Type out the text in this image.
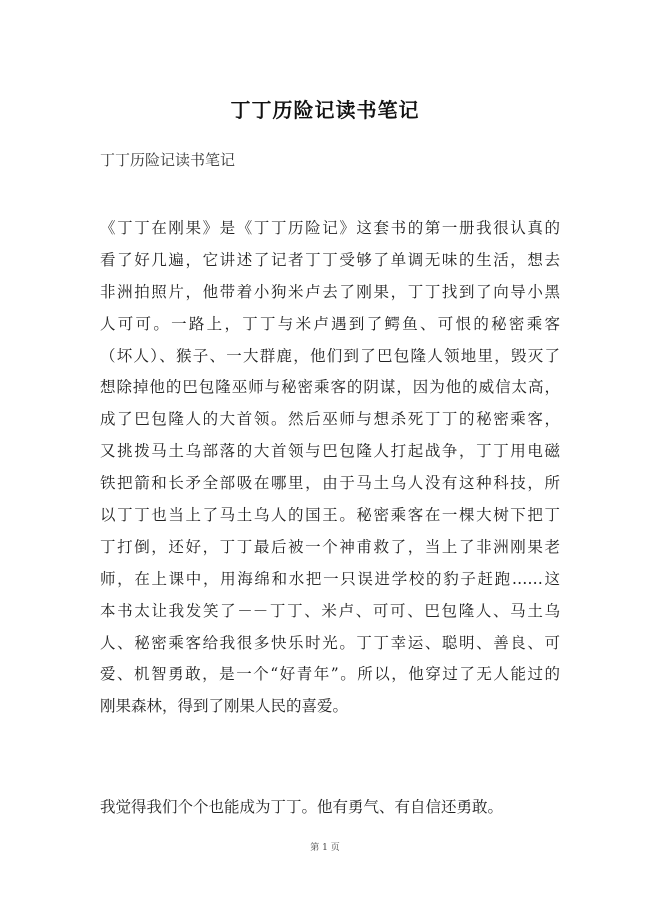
丁丁历险记读书笔记
丁丁历险记读书笔记
《丁丁在刚果》是《丁丁历险记》这套书的第一册我很认真的
看了好几遍，它讲述了记者丁丁受够了单调无味的生活，想去
非洲拍照片，他带着小狗米卢去了刚果，丁丁找到了向导小黑
人可可。一路上，丁丁与米卢遇到了鳄鱼、可恨的秘密乘客
（坏人）、猴子、一大群鹿，他们到了巴包隆人领地里，毁灭了
想除掉他的巴包隆巫师与秘密乘客的阴谋，因为他的威信太高，
成了巴包隆人的大首领。然后巫师与想杀死丁丁的秘密乘客，
又挑拨马土乌部落的大首领与巴包隆人打起战争，丁丁用电磁
铁把箭和长矛全部吸在哪里，由于马土乌人没有这种科技，所
以丁丁也当上了马土乌人的国王。秘密乘客在一棵大树下把丁
丁打倒，还好，丁丁最后被一个神甫救了，当上了非洲刚果老
师，在上课中，用海绵和水把一只误进学校的豹子赶跑……这
本书太让我发笑了－－丁丁、米卢、可可、巴包隆人、马土乌
人、秘密乘客给我很多快乐时光。丁丁幸运、聪明、善良、可
爱、机智勇敢，是一个“好青年”。所以，他穿过了无人能过的
刚果森林，得到了刚果人民的喜爱。
我觉得我们个个也能成为丁丁。他有勇气、有自信还勇敢。
第 1 页
